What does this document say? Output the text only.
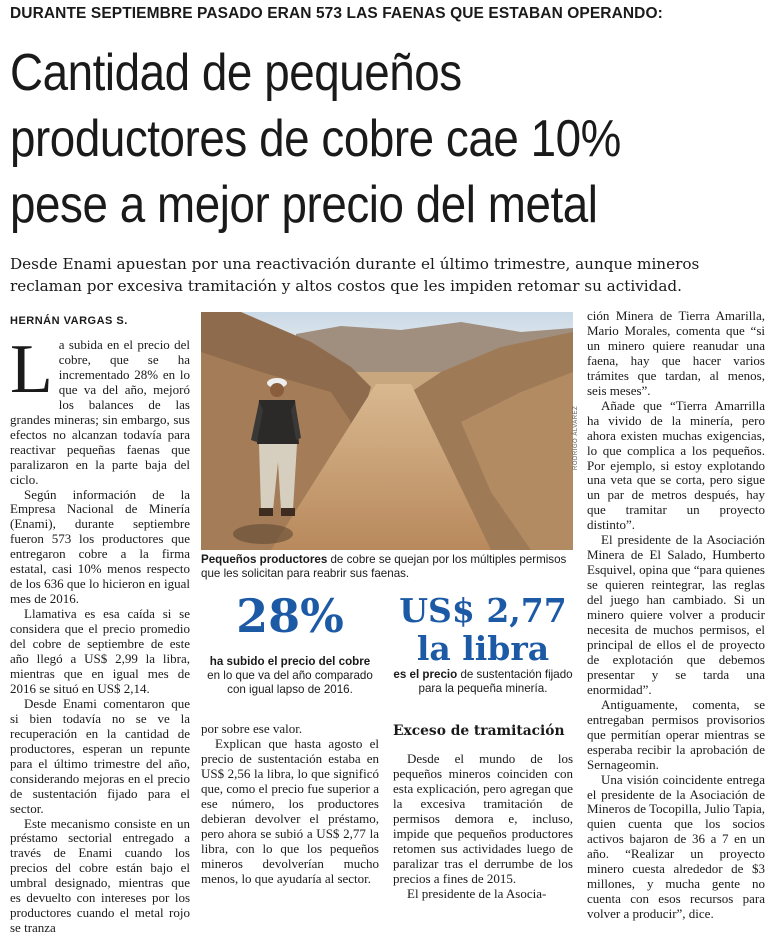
DURANTE SEPTIEMBRE PASADO ERAN 573 LAS FAENAS QUE ESTABAN OPERANDO:
Cantidad de pequeños
productores de cobre cae 10%
pese a mejor precio del metal
Desde Enami apuestan por una reactivación durante el último trimestre, aunque mineros reclaman por excesiva tramitación y altos costos que les impiden retomar su actividad.
HERNÁN VARGAS S.

La subida en el precio del cobre, que se ha incrementado 28% en lo que va del año, mejoró los balances de las grandes mineras; sin embargo, sus efectos no alcanzan todavía para reactivar pequeñas faenas que paralizaron en la parte baja del ciclo.

Según información de la Empresa Nacional de Minería (Enami), durante septiembre fueron 573 los productores que entregaron cobre a la firma estatal, casi 10% menos respecto de los 636 que lo hicieron en igual mes de 2016.

Llamativa es esa caída si se considera que el precio promedio del cobre de septiembre de este año llegó a US$ 2,99 la libra, mientras que en igual mes de 2016 se situó en US$ 2,14.

Desde Enami comentaron que si bien todavía no se ve la recuperación en la cantidad de productores, esperan un repunte para el último trimestre del año, considerando mejoras en el precio de sustentación fijado para el sector.

Este mecanismo consiste en un préstamo sectorial entregado a través de Enami cuando los precios del cobre están bajo el umbral designado, mientras que es devuelto con intereses por los productores cuando el metal rojo se tranza

RODRIGO ÁLVAREZ
Pequeños productores de cobre se quejan por los múltiples permisos que les solicitan para reabrir sus faenas.
28%
ha subido el precio del cobre
en lo que va del año comparado con igual lapso de 2016.
US$ 2,77
la libra
es el precio de sustentación fijado para la pequeña minería.

por sobre ese valor.

Explican que hasta agosto el precio de sustentación estaba en US$ 2,56 la libra, lo que significó que, como el precio fue superior a ese número, los productores debieran devolver el préstamo, pero ahora se subió a US$ 2,77 la libra, con lo que los pequeños mineros devolverían mucho menos, lo que ayudaría al sector.

Exceso de tramitación

Desde el mundo de los pequeños mineros coinciden con esta explicación, pero agregan que la excesiva tramitación de permisos demora e, incluso, impide que pequeños productores retomen sus actividades luego de paralizar tras el derrumbe de los precios a fines de 2015.

El presidente de la Asocia-

ción Minera de Tierra Amarilla, Mario Morales, comenta que “si un minero quiere reanudar una faena, hay que hacer varios trámites que tardan, al menos, seis meses”.

Añade que “Tierra Amarrilla ha vivido de la minería, pero ahora existen muchas exigencias, lo que complica a los pequeños. Por ejemplo, si estoy explotando una veta que se corta, pero sigue un par de metros después, hay que tramitar un proyecto distinto”.

El presidente de la Asociación Minera de El Salado, Humberto Esquivel, opina que “para quienes se quieren reintegrar, las reglas del juego han cambiado. Si un minero quiere volver a producir necesita de muchos permisos, el principal de ellos el de proyecto de explotación que debemos presentar y se tarda una enormidad”.

Antiguamente, comenta, se entregaban permisos provisorios que permitían operar mientras se esperaba recibir la aprobación de Sernageomin.

Una visión coincidente entrega el presidente de la Asociación de Mineros de Tocopilla, Julio Tapia, quien cuenta que los socios activos bajaron de 36 a 7 en un año. “Realizar un proyecto minero cuesta alrededor de $3 millones, y mucha gente no cuenta con esos recursos para volver a producir”, dice.
